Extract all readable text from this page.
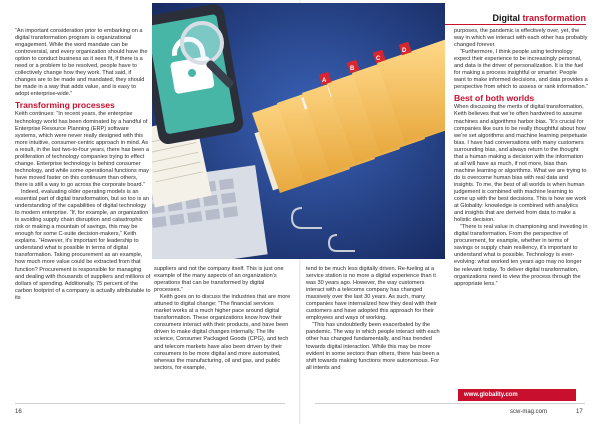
Digital transformation
A
B
C
D

“An important consideration prior to embarking on a digital transformation program is organizational engagement. While the word mandate can be controversial, and every organization should have the option to conduct business as it sees fit, if there is a need or a problem to be resolved, people have to collectively change how they work. That said, if changes are to be made and mandated, they should be made in a way that adds value, and is easy to adopt enterprise-wide.”

Transforming processes

Keith continues: “In recent years, the enterprise technology world has been dominated by a handful of Enterprise Resource Planning (ERP) software systems, which were never really designed with this more intuitive, consumer-centric approach in mind. As a result, in the last two-to-four years, there has been a proliferation of technology companies trying to effect change. Enterprise technology is behind consumer technology, and while some operational functions may have moved faster on this continuum than others, there is still a way to go across the corporate board.”

Indeed, evaluating older operating models is an essential part of digital transformation, but so too is an understanding of the capabilities of digital technology to modern enterprise. “If, for example, an organization is avoiding supply chain disruption and catastrophic risk or making a mountain of savings, this may be enough for some C-suite decision-makers,” Keith explains. “However, it’s important for leadership to understand what is possible in terms of digital transformation. Taking procurement as an example, how much more value could be extracted from that function? Procurement is responsible for managing and dealing with thousands of suppliers and millions of dollars of spending. Additionally, 75 percent of the carbon footprint of a company is actually attributable to its

suppliers and not the company itself. This is just one example of the many aspects of an organization’s operations that can be transformed by digital processes.”

Keith goes on to discuss the industries that are more attuned to digital change: “The financial services market works at a much higher pace around digital transformation. These organizations know how their consumers interact with their products, and have been driven to make digital changes internally. The life science, Consumer Packaged Goods (CPG), and tech and telecom markets have also been driven by their consumers to be more digital and more automated, whereas the manufacturing, oil and gas, and public sectors, for example,

tend to be much less digitally driven. Re-fueling at a service station is no more a digital experience than it was 30 years ago. However, the way customers interact with a telecoms company has changed massively over the last 30 years. As such, many companies have internalized how they deal with their customers and have adopted this approach for their employees and ways of working.

“This has undoubtedly been exacerbated by the pandemic. The way in which people interact with each other has changed fundamentally, and has trended towards digital interaction. While this may be more evident in some sectors than others, there has been a shift towards making functions more autonomous. For all intents and

purposes, the pandemic is effectively over, yet, the way in which we interact with each other has probably changed forever.

“Furthermore, I think people using technology expect their experience to be increasingly personal, and data is the driver of personalization. It is the fuel for making a process insightful or smarter. People want to make informed decisions, and data provides a perspective from which to assess or rank information.”

Best of both worlds

When discussing the merits of digital transformation, Keith believes that we’re often hardwired to assume machines and algorithms harbor bias. “It’s crucial for companies like ours to be really thoughtful about how we’re set algorithms and machine learning perpetuate bias. I have had conversations with many customers surrounding bias, and always return to the thought that a human making a decision with the information at all will have as much, if not more, bias than machine learning or algorithms. What we are trying to do is overcome human bias with real data and insights. To me, the best of all worlds is when human judgement is combined with machine learning to come up with the best decisions. This is how we work at Globality: knowledge is combined with analytics and insights that are derived from data to make a holistic decision.

“There is real value in championing and investing in digital transformation. From the perspective of procurement, for example, whether in terms of savings or supply chain resiliency, it’s important to understand what is possible. Technology is ever-evolving: what worked ten years ago may no longer be relevant today. To deliver digital transformation, organizations need to view the process through the appropriate lens.”

www.globality.com
16	scw-mag.com	17
